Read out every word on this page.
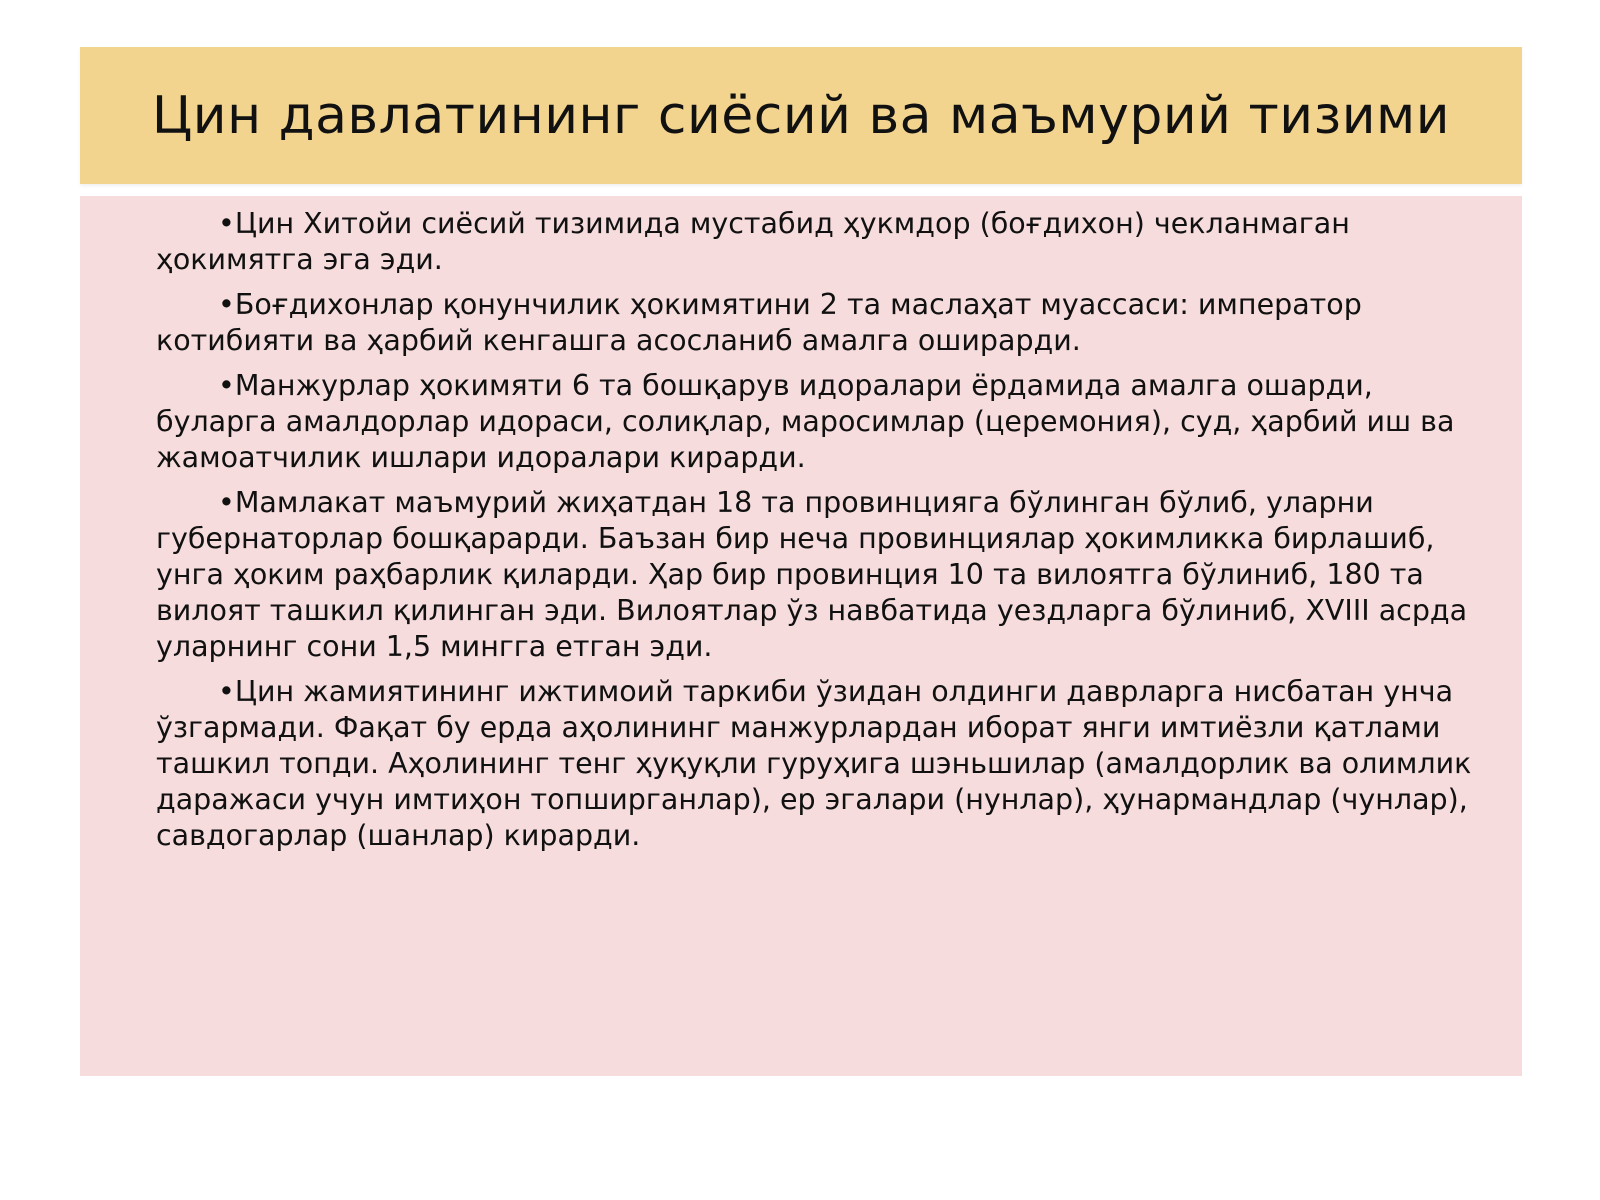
Цин давлатининг сиёсий ва маъмурий тизими
•Цин Хитойи сиёсий тизимида мустабид ҳукмдор (боғдихон) чекланмаган ҳокимятга эга эди.
•Боғдихонлар қонунчилик ҳокимятини 2 та маслаҳат муассаси: император котибияти ва ҳарбий кенгашга асосланиб амалга оширарди.
•Манжурлар ҳокимяти 6 та бошқарув идоралари ёрдамида амалга ошарди, буларга амалдорлар идораси, солиқлар, маросимлар (церемония), суд, ҳарбий иш ва жамоатчилик ишлари идоралари кирарди.
•Мамлакат маъмурий жиҳатдан 18 та провинцияга бўлинган бўлиб, уларни губернаторлар бошқарарди. Баъзан бир неча провинциялар ҳокимликка бирлашиб, унга ҳоким раҳбарлик қиларди. Ҳар бир провинция 10 та вилоятга бўлиниб, 180 та вилоят ташкил қилинган эди. Вилоятлар ўз навбатида уездларга бўлиниб, XVIII асрда уларнинг сони 1,5 мингга етган эди.
•Цин жамиятининг ижтимоий таркиби ўзидан олдинги даврларга нисбатан унча ўзгармади. Фақат бу ерда аҳолининг манжурлардан иборат янги имтиёзли қатлами ташкил топди. Аҳолининг тенг ҳуқуқли гуруҳига шэньшилар (амалдорлик ва олимлик даражаси учун имтиҳон топширганлар), ер эгалари (нунлар), ҳунармандлар (чунлар), савдогарлар (шанлар) кирарди.
